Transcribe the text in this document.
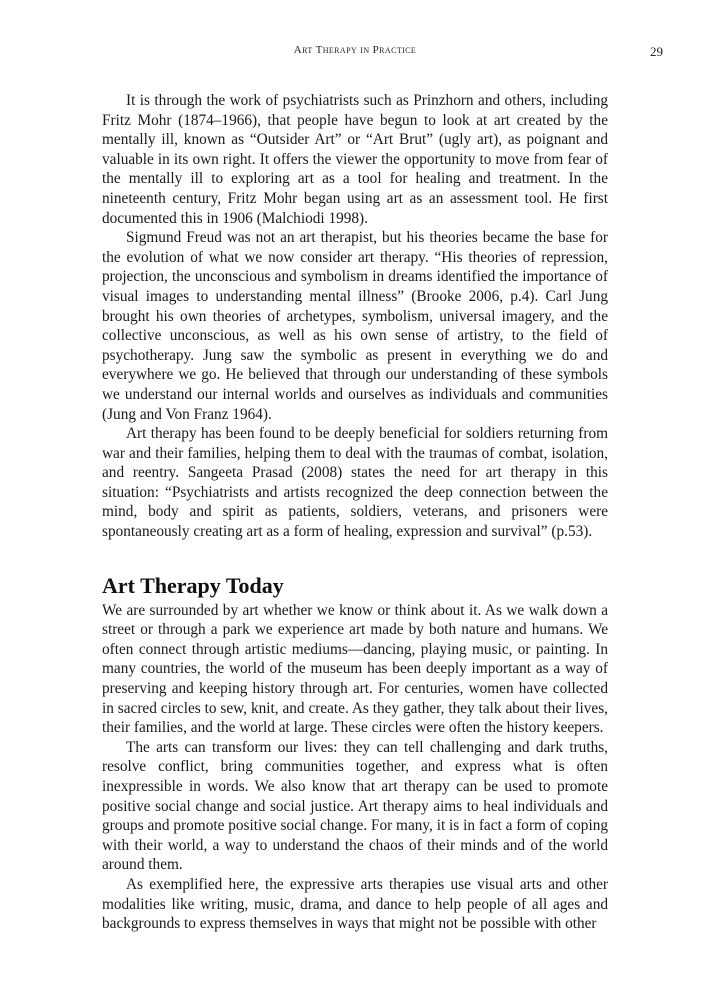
Art Therapy in Practice	29

It is through the work of psychiatrists such as Prinzhorn and others, including Fritz Mohr (1874–1966), that people have begun to look at art created by the mentally ill, known as “Outsider Art” or “Art Brut” (ugly art), as poignant and valuable in its own right. It offers the viewer the opportunity to move from fear of the mentally ill to exploring art as a tool for healing and treatment. In the nineteenth century, Fritz Mohr began using art as an assessment tool. He first documented this in 1906 (Malchiodi 1998).

Sigmund Freud was not an art therapist, but his theories became the base for the evolution of what we now consider art therapy. “His theories of repression, projection, the unconscious and symbolism in dreams identified the importance of visual images to understanding mental illness” (Brooke 2006, p.4). Carl Jung brought his own theories of archetypes, symbolism, universal imagery, and the collective unconscious, as well as his own sense of artistry, to the field of psychotherapy. Jung saw the symbolic as present in everything we do and everywhere we go. He believed that through our understanding of these symbols we understand our internal worlds and ourselves as individuals and communities (Jung and Von Franz 1964).

Art therapy has been found to be deeply beneficial for soldiers returning from war and their families, helping them to deal with the traumas of combat, isolation, and reentry. Sangeeta Prasad (2008) states the need for art therapy in this situation: “Psychiatrists and artists recognized the deep connection between the mind, body and spirit as patients, soldiers, veterans, and prisoners were spontaneously creating art as a form of healing, expression and survival” (p.53).

Art Therapy Today

We are surrounded by art whether we know or think about it. As we walk down a street or through a park we experience art made by both nature and humans. We often connect through artistic mediums—dancing, playing music, or painting. In many countries, the world of the museum has been deeply important as a way of preserving and keeping history through art. For centuries, women have collected in sacred circles to sew, knit, and create. As they gather, they talk about their lives, their families, and the world at large. These circles were often the history keepers.

The arts can transform our lives: they can tell challenging and dark truths, resolve conflict, bring communities together, and express what is often inexpressible in words. We also know that art therapy can be used to promote positive social change and social justice. Art therapy aims to heal individuals and groups and promote positive social change. For many, it is in fact a form of coping with their world, a way to understand the chaos of their minds and of the world around them.

As exemplified here, the expressive arts therapies use visual arts and other modalities like writing, music, drama, and dance to help people of all ages and backgrounds to express themselves in ways that might not be possible with other
